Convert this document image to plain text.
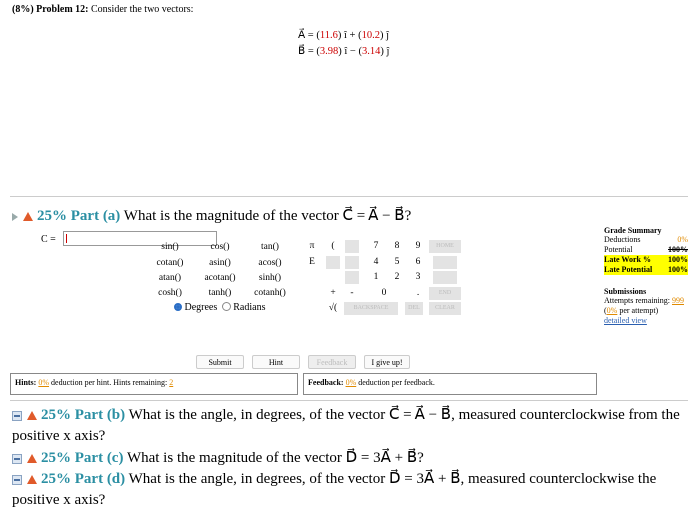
(8%) Problem 12: Consider the two vectors:
A⃗ = (11.6) î + (10.2) ĵ
B⃗ = (3.98) î − (3.14) ĵ
25% Part (a) What is the magnitude of the vector C⃗ = A⃗ − B⃗?
C =
sin()	cos()	tan()
cotan()	asin()	acos()
atan()	acotan()	sinh()
cosh()	tanh()	cotanh()
Degrees Radians
π
E
(
+	-
√(
7	8	9
4	5	6
1	2	3
0	.
HOME
END
BACKSPACE	DEL	CLEAR
Grade Summary
Deductions	0%
Potential	100%
Late Work % 100%
Late Potential 100%
Submissions
Attempts remaining: 999
(0% per attempt)
detailed view
Submit	Hint	Feedback	I give up!
Hints: 0% deduction per hint. Hints remaining: 2	Feedback: 0% deduction per feedback.
25% Part (b) What is the angle, in degrees, of the vector C⃗ = A⃗ − B⃗, measured counterclockwise from the positive x axis?
25% Part (c) What is the magnitude of the vector D⃗ = 3A⃗ + B⃗?
25% Part (d) What is the angle, in degrees, of the vector D⃗ = 3A⃗ + B⃗, measured counterclockwise the positive x axis?
